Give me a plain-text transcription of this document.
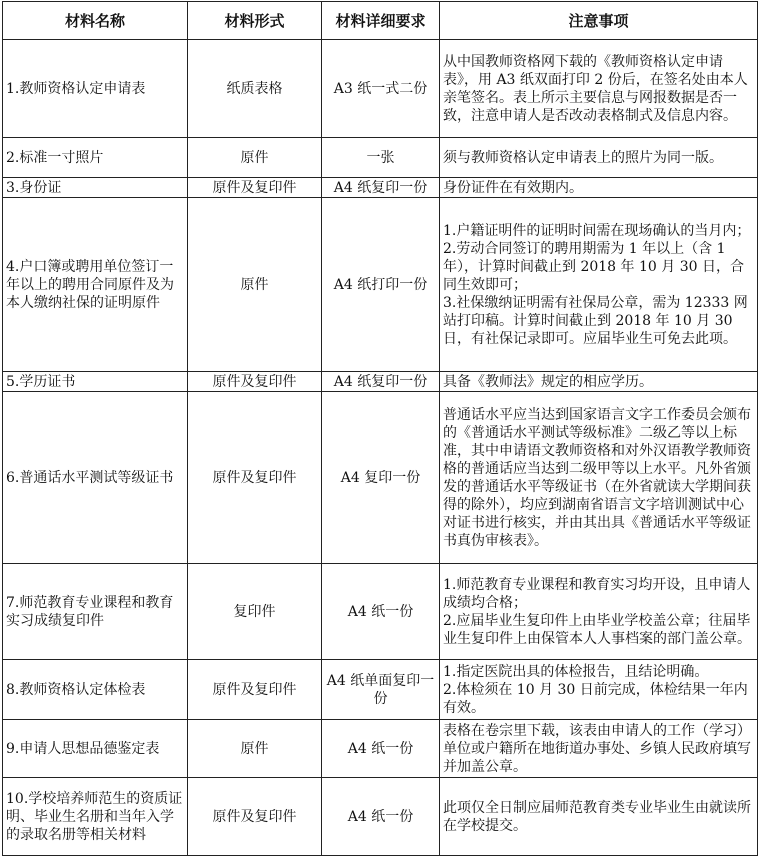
材料名称	材料形式	材料详细要求	注意事项
1.教师资格认定申请表	纸质表格	A3 纸一式二份	从中国教师资格网下载的《教师资格认定申请表》，用 A3 纸双面打印 2 份后，在签名处由本人亲笔签名。表上所示主要信息与网报数据是否一致，注意申请人是否改动表格制式及信息内容。

2.标准一寸照片	原件	一张	须与教师资格认定申请表上的照片为同一版。

3.身份证	原件及复印件	A4 纸复印一份	身份证件在有效期内。

4.户口簿或聘用单位签订一年以上的聘用合同原件及为本人缴纳社保的证明原件	原件	A4 纸打印一份	1.户籍证明件的证明时间需在现场确认的当月内；
2.劳动合同签订的聘用期需为 1 年以上（含 1 年），计算时间截止到 2018 年 10 月 30 日，合同生效即可；
3.社保缴纳证明需有社保局公章，需为 12333 网站打印稿。计算时间截止到 2018 年 10 月 30 日，有社保记录即可。应届毕业生可免去此项。

5.学历证书	原件及复印件	A4 纸复印一份	具备《教师法》规定的相应学历。

6.普通话水平测试等级证书	原件及复印件	A4 复印一份	普通话水平应当达到国家语言文字工作委员会颁布的《普通话水平测试等级标准》二级乙等以上标准，其中申请语文教师资格和对外汉语教学教师资格的普通话应当达到二级甲等以上水平。凡外省颁发的普通话水平等级证书（在外省就读大学期间获得的除外），均应到湖南省语言文字培训测试中心对证书进行核实，并由其出具《普通话水平等级证书真伪审核表》。

7.师范教育专业课程和教育实习成绩复印件	复印件	A4 纸一份	1.师范教育专业课程和教育实习均开设，且申请人成绩均合格；
2.应届毕业生复印件上由毕业学校盖公章；往届毕业生复印件上由保管本人人事档案的部门盖公章。

8.教师资格认定体检表	原件及复印件	A4 纸单面复印一份	1.指定医院出具的体检报告，且结论明确。
2.体检须在 10 月 30 日前完成，体检结果一年内有效。

9.申请人思想品德鉴定表	原件	A4 纸一份	表格在卷宗里下载，该表由申请人的工作（学习）单位或户籍所在地街道办事处、乡镇人民政府填写并加盖公章。

10.学校培养师范生的资质证明、毕业生名册和当年入学的录取名册等相关材料	原件及复印件	A4 纸一份	此项仅全日制应届师范教育类专业毕业生由就读所在学校提交。
